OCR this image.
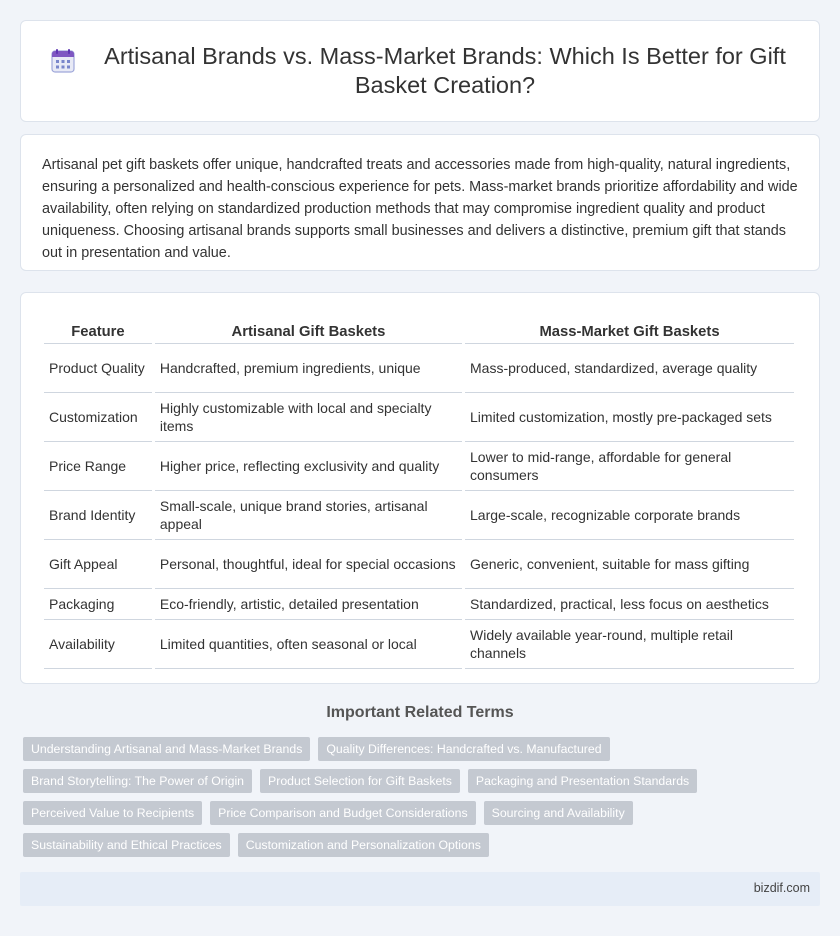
Artisanal Brands vs. Mass-Market Brands: Which Is Better for Gift Basket Creation?

Artisanal pet gift baskets offer unique, handcrafted treats and accessories made from high-quality, natural ingredients, ensuring a personalized and health-conscious experience for pets. Mass-market brands prioritize affordability and wide availability, often relying on standardized production methods that may compromise ingredient quality and product uniqueness. Choosing artisanal brands supports small businesses and delivers a distinctive, premium gift that stands out in presentation and value.

Feature	Artisanal Gift Baskets	Mass-Market Gift Baskets
Product Quality	Handcrafted, premium ingredients, unique	Mass-produced, standardized, average quality
Customization	Highly customizable with local and specialty items	Limited customization, mostly pre-packaged sets
Price Range	Higher price, reflecting exclusivity and quality	Lower to mid-range, affordable for general consumers
Brand Identity	Small-scale, unique brand stories, artisanal appeal	Large-scale, recognizable corporate brands
Gift Appeal	Personal, thoughtful, ideal for special occasions	Generic, convenient, suitable for mass gifting
Packaging	Eco-friendly, artistic, detailed presentation	Standardized, practical, less focus on aesthetics
Availability	Limited quantities, often seasonal or local	Widely available year-round, multiple retail channels
Important Related Terms
Understanding Artisanal and Mass-Market Brands	Quality Differences: Handcrafted vs. Manufactured
Brand Storytelling: The Power of Origin	Product Selection for Gift Baskets	Packaging and Presentation Standards
Perceived Value to Recipients	Price Comparison and Budget Considerations	Sourcing and Availability
Sustainability and Ethical Practices	Customization and Personalization Options
bizdif.com
